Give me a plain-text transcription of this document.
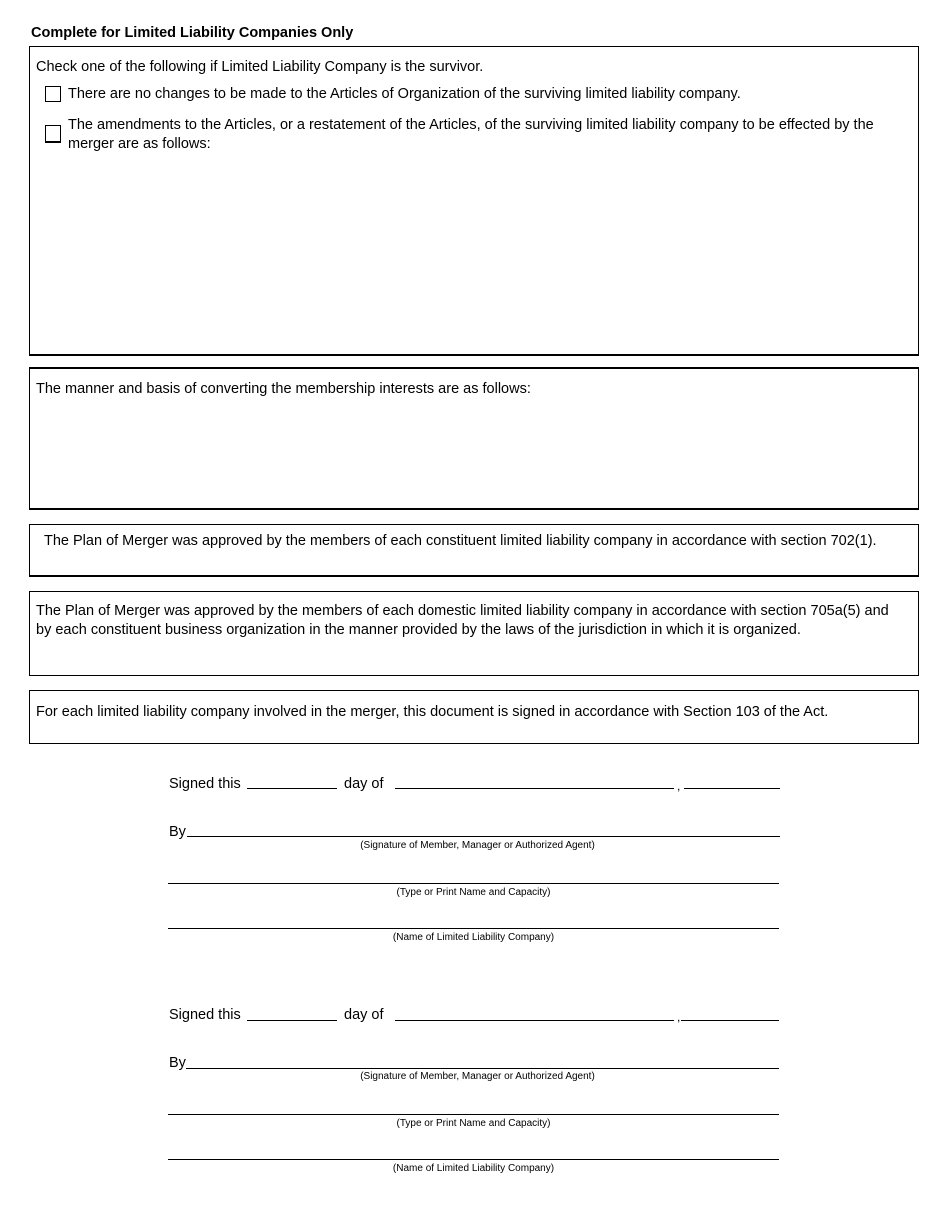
Complete for Limited Liability Companies Only
Check one of the following if Limited Liability Company is the survivor.
There are no changes to be made to the Articles of Organization of the surviving limited liability company.
The amendments to the Articles, or a restatement of the Articles, of the surviving limited liability company to be effected by the merger are as follows:
The manner and basis of converting the membership interests are as follows:
The Plan of Merger was approved by the members of each constituent limited liability company in accordance with section 702(1).
The Plan of Merger was approved by the members of each domestic limited liability company in accordance with section 705a(5) and by each constituent business organization in the manner provided by the laws of the jurisdiction in which it is organized.
For each limited liability company involved in the merger, this document is signed in accordance with Section 103 of the Act.
Signed this	day of	,
By
(Signature of Member, Manager or Authorized Agent)
(Type or Print Name and Capacity)
(Name of Limited Liability Company)
Signed this	day of	,
By
(Signature of Member, Manager or Authorized Agent)
(Type or Print Name and Capacity)
(Name of Limited Liability Company)
